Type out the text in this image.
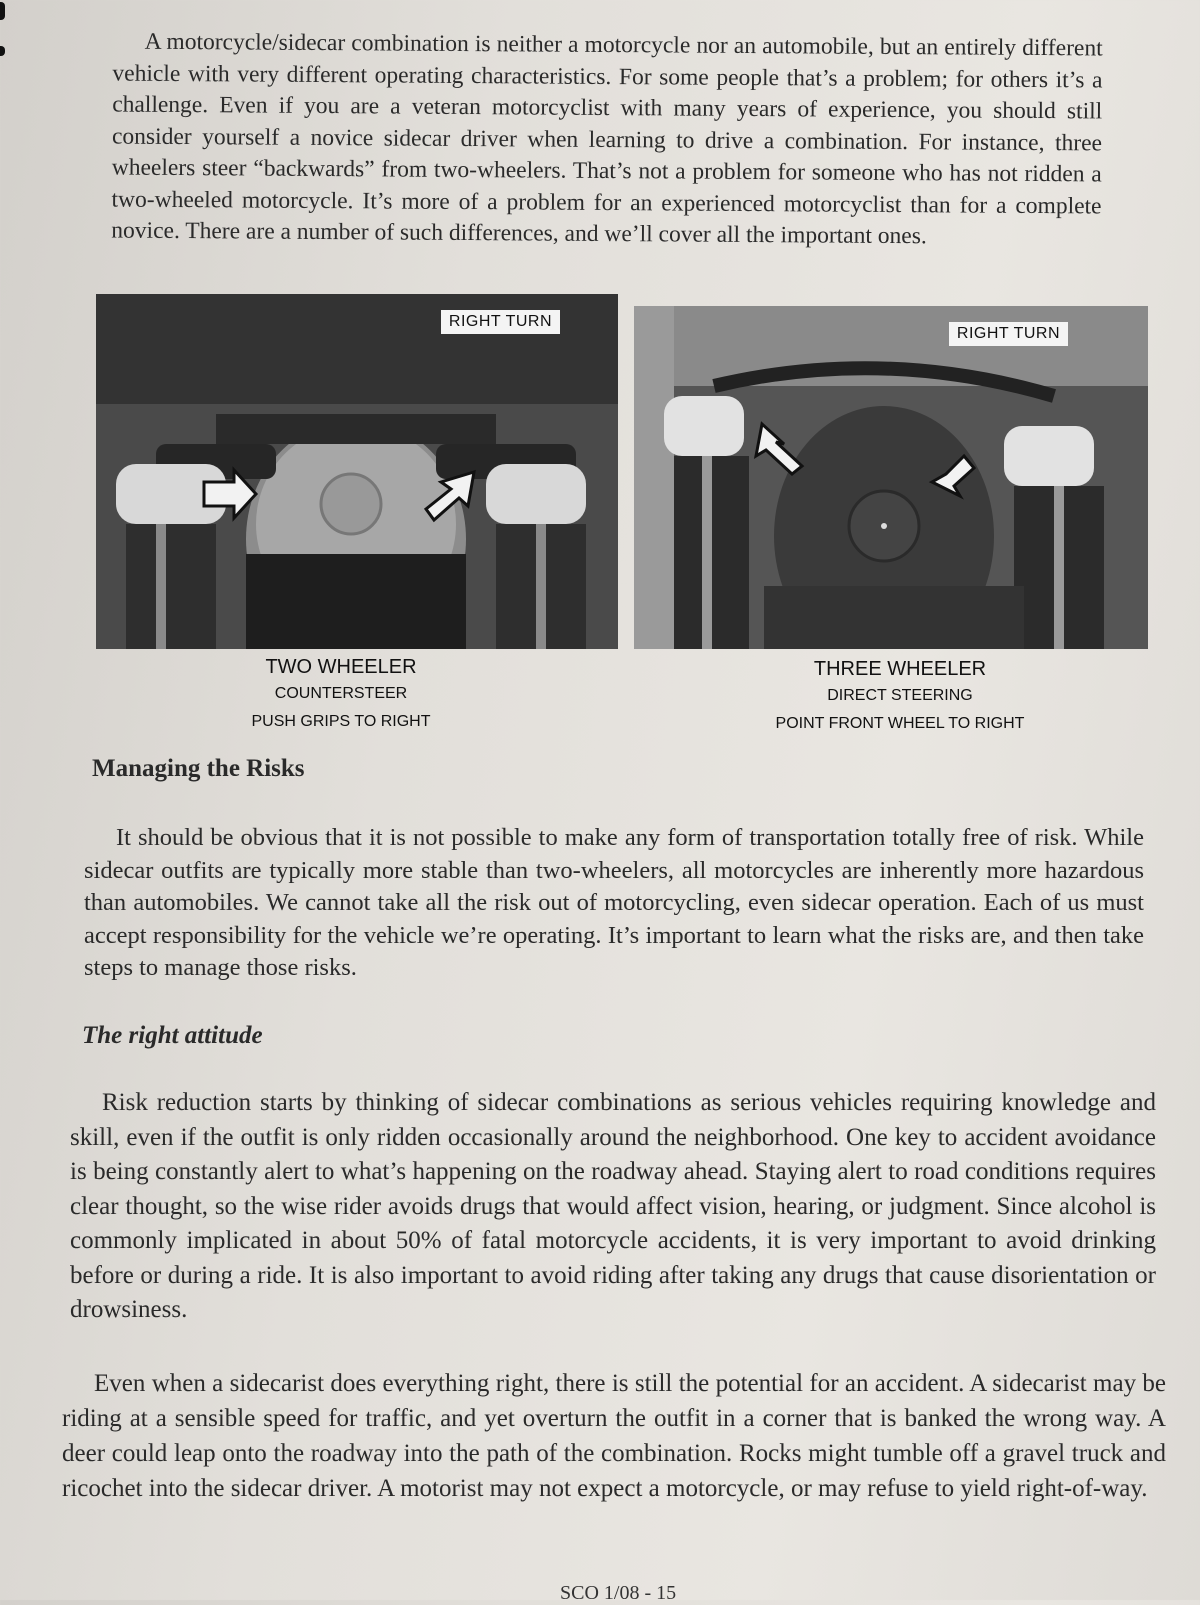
A motorcycle/sidecar combination is neither a motorcycle nor an automobile, but an entirely different vehicle with very different operating characteristics. For some people that’s a problem; for others it’s a challenge. Even if you are a veteran motorcyclist with many years of experience, you should still consider yourself a novice sidecar driver when learning to drive a combination. For instance, three wheelers steer “backwards” from two-wheelers. That’s not a problem for someone who has not ridden a two-wheeled motorcycle. It’s more of a problem for an experienced motorcyclist than for a complete novice. There are a number of such differences, and we’ll cover all the important ones.

RIGHT TURN
RIGHT TURN
TWO WHEELER
COUNTERSTEER
PUSH GRIPS TO RIGHT
THREE WHEELER
DIRECT STEERING
POINT FRONT WHEEL TO RIGHT
Managing the Risks

It should be obvious that it is not possible to make any form of transportation totally free of risk. While sidecar outfits are typically more stable than two-wheelers, all motorcycles are inherently more hazardous than automobiles. We cannot take all the risk out of motorcycling, even sidecar operation. Each of us must accept responsibility for the vehicle we’re operating. It’s important to learn what the risks are, and then take steps to manage those risks.

The right attitude

Risk reduction starts by thinking of sidecar combinations as serious vehicles requiring knowledge and skill, even if the outfit is only ridden occasionally around the neighborhood. One key to accident avoidance is being constantly alert to what’s happening on the roadway ahead. Staying alert to road conditions requires clear thought, so the wise rider avoids drugs that would affect vision, hearing, or judgment. Since alcohol is commonly implicated in about 50% of fatal motorcycle accidents, it is very important to avoid drinking before or during a ride. It is also important to avoid riding after taking any drugs that cause disorientation or drowsiness.

Even when a sidecarist does everything right, there is still the potential for an accident. A sidecarist may be riding at a sensible speed for traffic, and yet overturn the outfit in a corner that is banked the wrong way. A deer could leap onto the roadway into the path of the combination. Rocks might tumble off a gravel truck and ricochet into the sidecar driver. A motorist may not expect a motorcycle, or may refuse to yield right-of-way.

SCO 1/08 - 15
